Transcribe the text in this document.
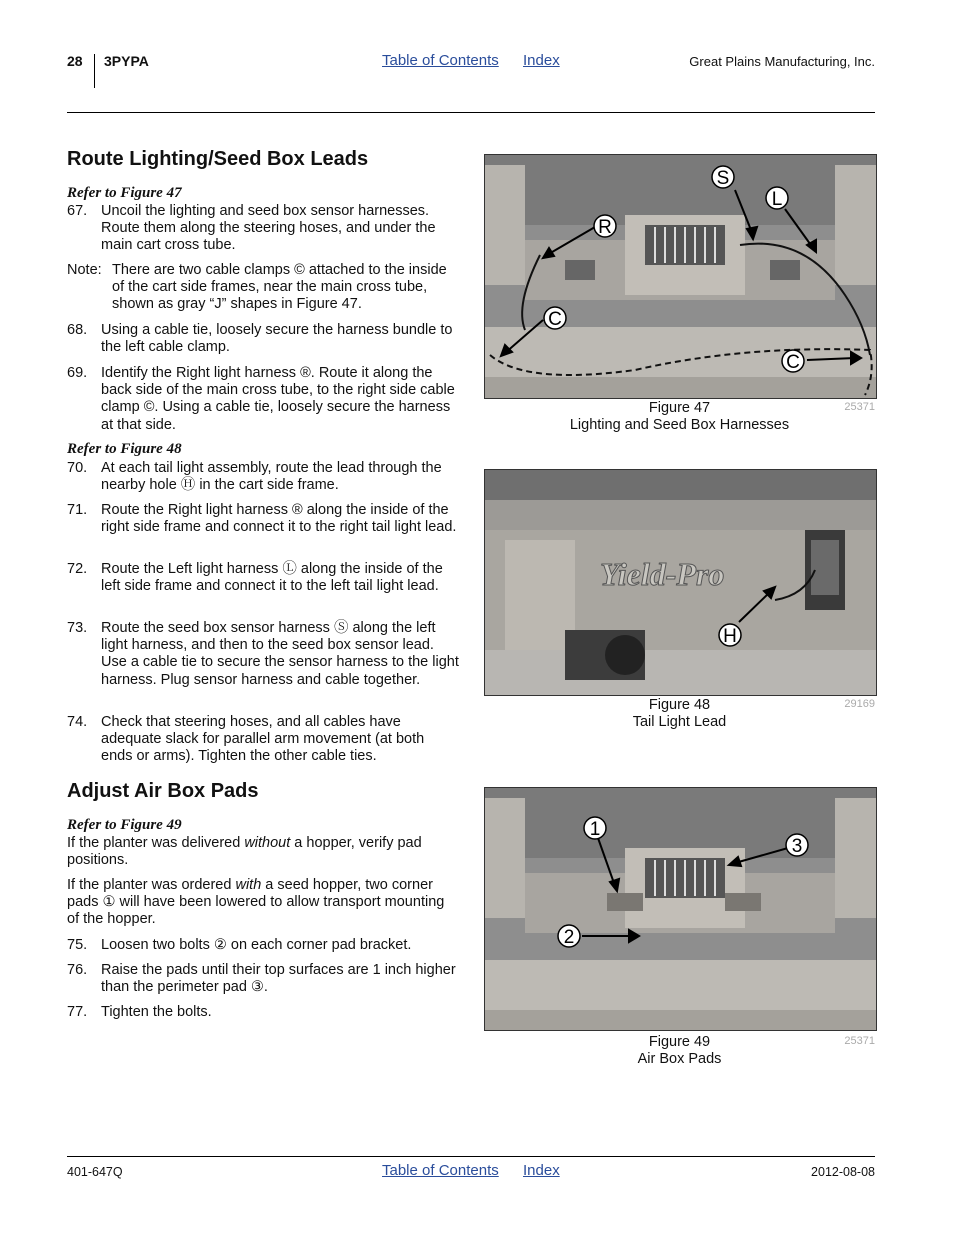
28 3PYPA	Table of Contents Index	Great Plains Manufacturing, Inc.
Route Lighting/Seed Box Leads
Refer to Figure 47
67. Uncoil the lighting and seed box sensor harnesses. Route them along the steering hoses, and under the main cart cross tube.
Note: There are two cable clamps © attached to the inside of the cart side frames, near the main cross tube, shown as gray “J” shapes in Figure 47.
68. Using a cable tie, loosely secure the harness bundle to the left cable clamp.
69. Identify the Right light harness ®. Route it along the back side of the main cross tube, to the right side cable clamp ©. Using a cable tie, loosely secure the harness at that side.
Refer to Figure 48
70. At each tail light assembly, route the lead through the nearby hole Ⓗ in the cart side frame.
71. Route the Right light harness ® along the inside of the right side frame and connect it to the right tail light lead.
72. Route the Left light harness Ⓛ along the inside of the left side frame and connect it to the left tail light lead.
73. Route the seed box sensor harness Ⓢ along the left light harness, and then to the seed box sensor lead. Use a cable tie to secure the sensor harness to the light harness. Plug sensor harness and cable together.
74. Check that steering hoses, and all cables have adequate slack for parallel arm movement (at both ends or arms). Tighten the other cable ties.
Adjust Air Box Pads
Refer to Figure 49
If the planter was delivered without a hopper, verify pad positions.
If the planter was ordered with a seed hopper, two corner pads ① will have been lowered to allow transport mounting of the hopper.
75. Loosen two bolts ② on each corner pad bracket.
76. Raise the pads until their top surfaces are 1 inch higher than the perimeter pad ③.
77. Tighten the bolts.
S
L
R
C
C
Figure 47
Lighting and Seed Box Harnesses
25371
Yield-Pro
H
Figure 48
Tail Light Lead
29169
1
3
2
Figure 49
Air Box Pads
25371
401-647Q	Table of Contents Index	2012-08-08
